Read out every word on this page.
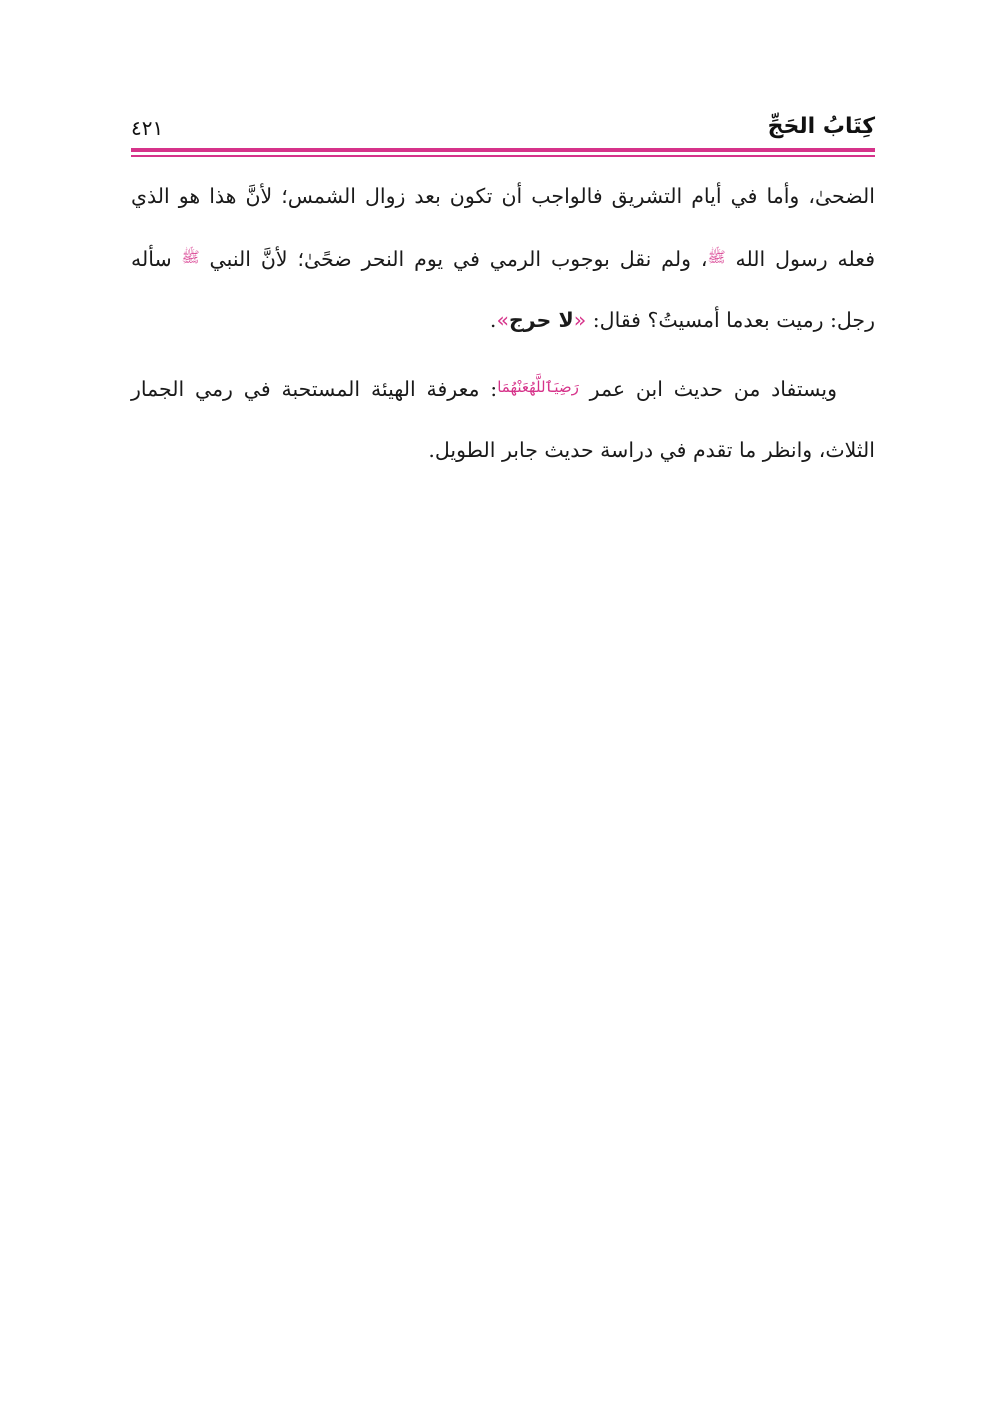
كِتَابُ الحَجِّ
٤٢١

الضحىٰ، وأما في أيام التشريق فالواجب أن تكون بعد زوال الشمس؛ لأنَّ هذا هو الذي فعله رسول الله ﷺ، ولم نقل بوجوب الرمي في يوم النحر ضحًىٰ؛ لأنَّ النبي ﷺ سأله رجل: رميت بعدما أمسيتُ؟ فقال: «لا حرج».

ويستفاد من حديث ابن عمر رَضِيَٱللَّهُعَنْهُمَا: معرفة الهيئة المستحبة في رمي الجمار الثلاث، وانظر ما تقدم في دراسة حديث جابر الطويل.
